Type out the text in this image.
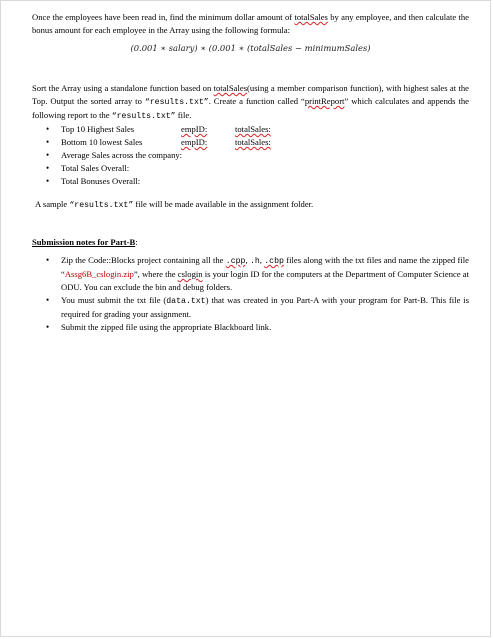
Once the employees have been read in, find the minimum dollar amount of totalSales by any employee, and then calculate the bonus amount for each employee in the Array using the following formula:

(0.001 ∗ salary) ∗ (0.001 ∗ (totalSales − minimumSales)

Sort the Array using a standalone function based on totalSales(using a member comparison function), with highest sales at the Top. Output the sorted array to “results.txt”. Create a function called “printReport” which calculates and appends the following report to the “results.txt” file.

• Top 10 Highest Sales	empID:	totalSales:
• Bottom 10 lowest Sales	empID:	totalSales:
• Average Sales across the company:
• Total Sales Overall:
• Total Bonuses Overall:

A sample “results.txt” file will be made available in the assignment folder.

Submission notes for Part-B:

• Zip the Code::Blocks project containing all the .cpp, .h, .cbp files along with the txt files and name the zipped file “Assg6B_cslogin.zip”, where the cslogin is your login ID for the computers at the Department of Computer Science at ODU. You can exclude the bin and debug folders.

• You must submit the txt file (data.txt) that was created in you Part-A with your program for Part-B. This file is required for grading your assignment.

• Submit the zipped file using the appropriate Blackboard link.
